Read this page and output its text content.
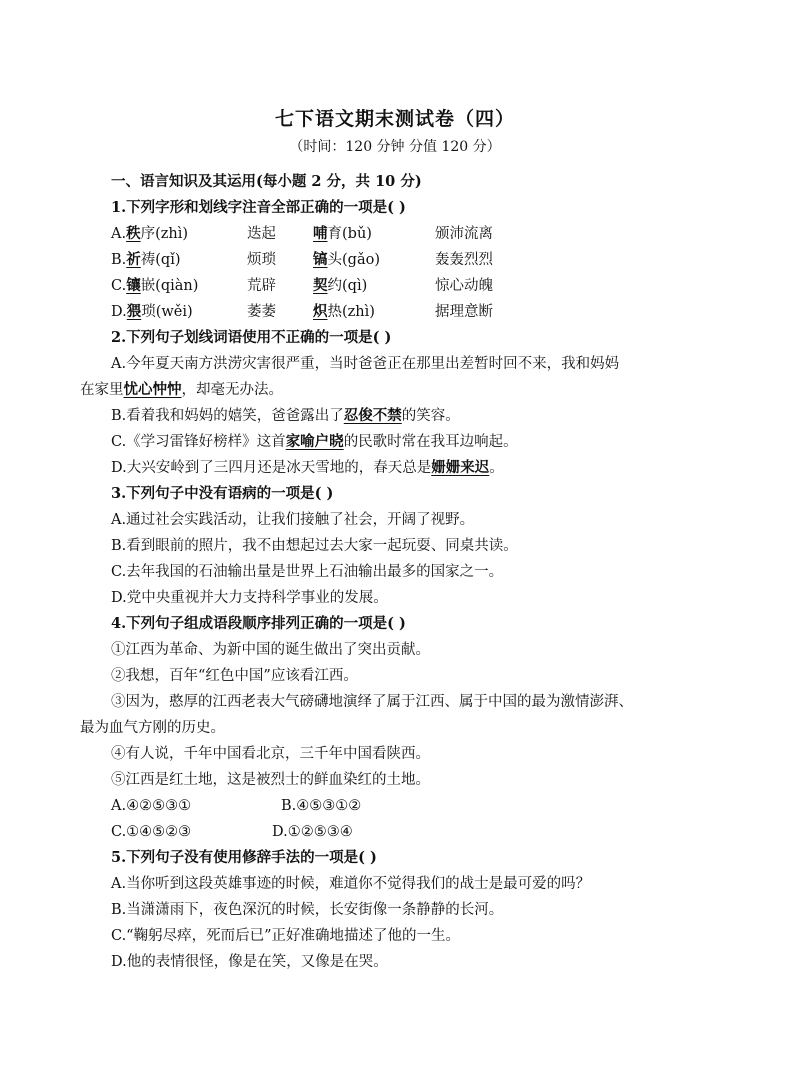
七下语文期末测试卷（四）
（时间：120 分钟 分值 120 分）
一、语言知识及其运用(每小题 2 分，共 10 分)
1.下列字形和划线字注音全部正确的一项是( )
A.秩序(zhì)	迭起	哺育(bǔ)	颁沛流离
B.祈祷(qǐ)	烦琐	镐头(gǎo)	轰轰烈烈
C.镶嵌(qiàn)	荒辟	契约(qì)	惊心动魄
D.猥琐(wěi)	萎萎	炽热(zhì)	据理意断
2.下列句子划线词语使用不正确的一项是( )
A.今年夏天南方洪涝灾害很严重，当时爸爸正在那里出差暂时回不来，我和妈妈
在家里忧心忡忡，却毫无办法。
B.看着我和妈妈的嬉笑，爸爸露出了忍俊不禁的笑容。
C.《学习雷锋好榜样》这首家喻户晓的民歌时常在我耳边响起。
D.大兴安岭到了三四月还是冰天雪地的，春天总是姗姗来迟。
3.下列句子中没有语病的一项是( )
A.通过社会实践活动，让我们接触了社会，开阔了视野。
B.看到眼前的照片，我不由想起过去大家一起玩耍、同桌共读。
C.去年我国的石油输出量是世界上石油输出最多的国家之一。
D.党中央重视并大力支持科学事业的发展。
4.下列句子组成语段顺序排列正确的一项是( )
①江西为革命、为新中国的诞生做出了突出贡献。
②我想，百年“红色中国”应该看江西。
③因为，憨厚的江西老表大气磅礴地演绎了属于江西、属于中国的最为激情澎湃、
最为血气方刚的历史。
④有人说，千年中国看北京，三千年中国看陕西。
⑤江西是红土地，这是被烈士的鲜血染红的土地。
A.④②⑤③①	B.④⑤③①②
C.①④⑤②③	D.①②⑤③④
5.下列句子没有使用修辞手法的一项是( )
A.当你听到这段英雄事迹的时候，难道你不觉得我们的战士是最可爱的吗？
B.当潇潇雨下，夜色深沉的时候，长安街像一条静静的长河。
C.“鞠躬尽瘁，死而后已”正好准确地描述了他的一生。
D.他的表情很怪，像是在笑，又像是在哭。
